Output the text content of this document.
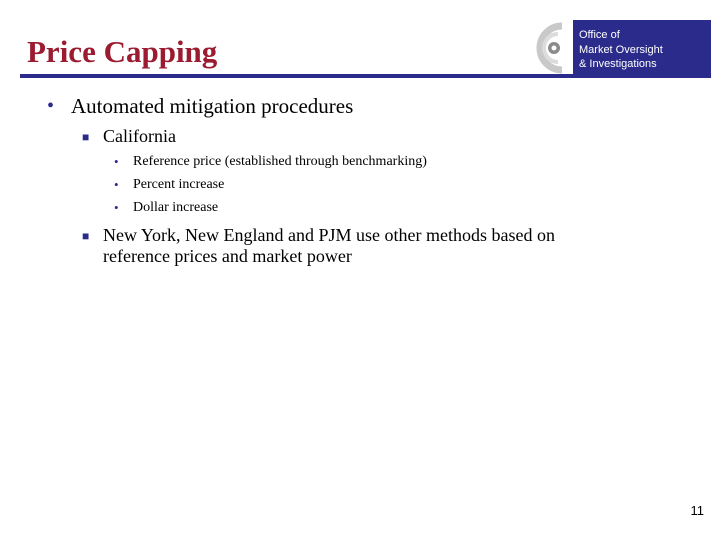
Price Capping	Office of
Market Oversight
& Investigations
• Automated mitigation procedures
■ California
• Reference price (established through benchmarking)
• Percent increase
• Dollar increase
■ New York, New England and PJM use other methods based on
reference prices and market power
11
